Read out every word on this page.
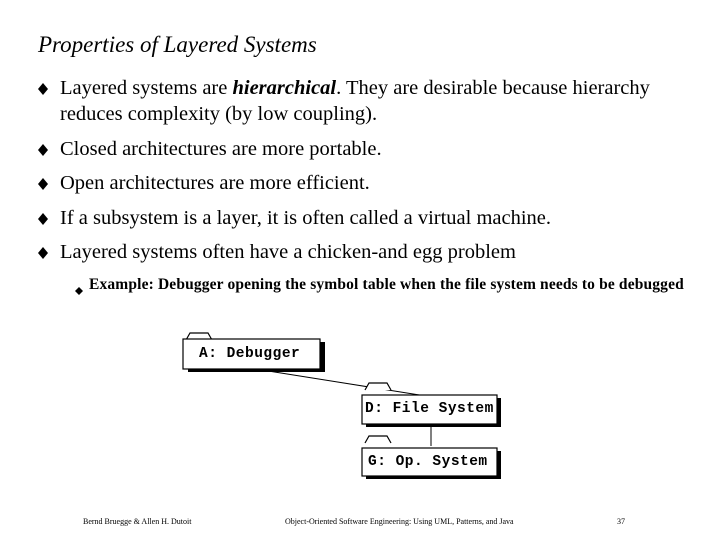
Properties of Layered Systems
Layered systems are hierarchical. They are desirable because hierarchy reduces complexity (by low coupling).
Closed architectures are more portable.
Open architectures are more efficient.
If a subsystem is a layer, it is often called a virtual machine.
Layered systems often have a chicken-and egg problem
Example: Debugger opening the symbol table when the file system needs to be debugged
A: Debugger
D: File System
G: Op. System
Bernd Bruegge & Allen H. Dutoit	Object-Oriented Software Engineering: Using UML, Patterns, and Java	37
